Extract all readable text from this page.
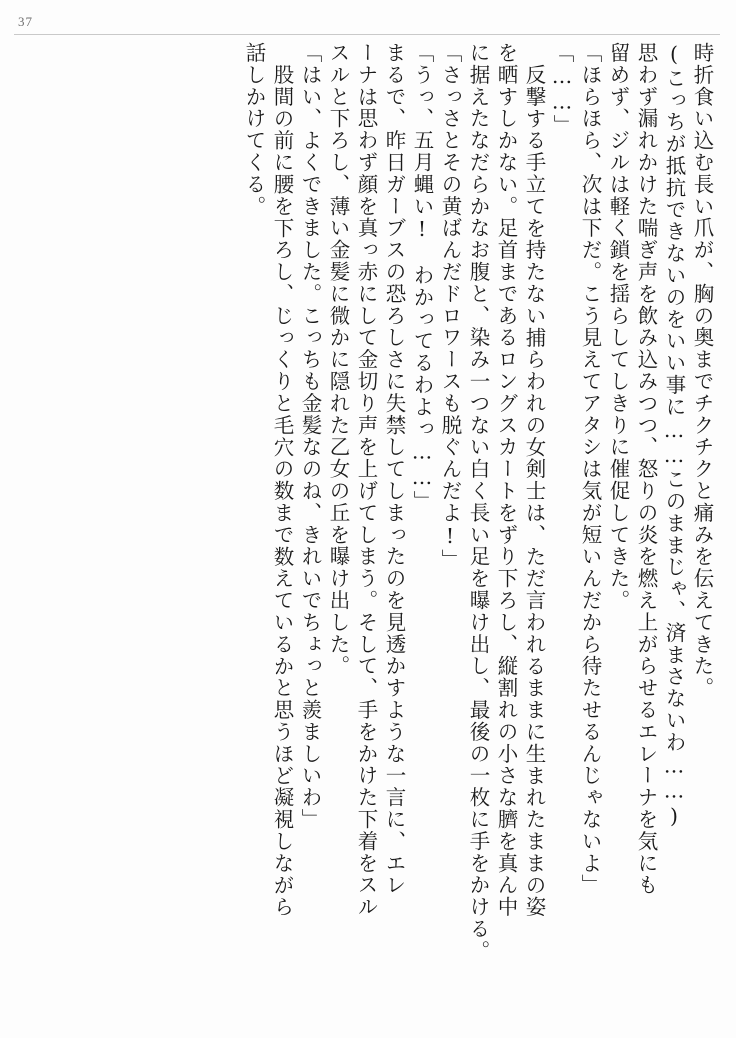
37
時折食い込む長い爪が、胸の奥までチクチクと痛みを伝えてきた。
(こっちが抵抗できないのをいい事に……このままじゃ、済まさないわ……)
思わず漏れかけた喘ぎ声を飲み込みつつ、怒りの炎を燃え上がらせるエレーナを気にも
留めず、ジルは軽く鎖を揺らしてしきりに催促してきた。
「ほらほら、次は下だ。こう見えてアタシは気が短いんだから待たせるんじゃないよ」
「……」
反撃する手立てを持たない捕らわれの女剣士は、ただ言われるままに生まれたままの姿
を晒すしかない。足首まであるロングスカートをずり下ろし、縦割れの小さな臍を真ん中
に据えたなだらかなお腹と、染み一つない白く長い足を曝け出し、最後の一枚に手をかける。
「さっさとその黄ばんだドロワースも脱ぐんだよ!」
「うっ、五月蝿い!　わかってるわよっ……」
まるで、昨日ガーブスの恐ろしさに失禁してしまったのを見透かすような一言に、エレ
ーナは思わず顔を真っ赤にして金切り声を上げてしまう。そして、手をかけた下着をスル
スルと下ろし、薄い金髪に微かに隠れた乙女の丘を曝け出した。
「はい、よくできました。こっちも金髪なのね、きれいでちょっと羨ましいわ」
股間の前に腰を下ろし、じっくりと毛穴の数まで数えているかと思うほど凝視しながら
話しかけてくる。
